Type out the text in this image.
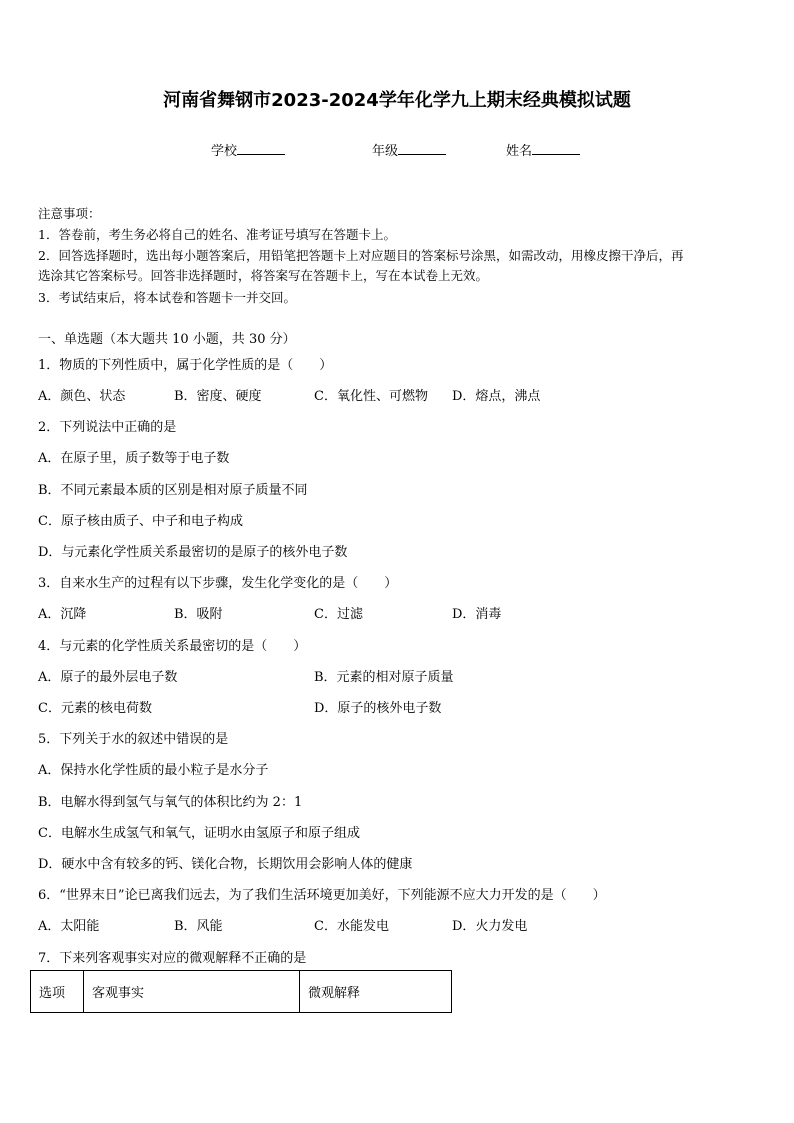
河南省舞钢市2023-2024学年化学九上期末经典模拟试题
学校	年级	姓名
注意事项：
1．答卷前，考生务必将自己的姓名、准考证号填写在答题卡上。
2．回答选择题时，选出每小题答案后，用铅笔把答题卡上对应题目的答案标号涂黑，如需改动，用橡皮擦干净后，再
选涂其它答案标号。回答非选择题时，将答案写在答题卡上，写在本试卷上无效。
3．考试结束后，将本试卷和答题卡一并交回。
一、单选题（本大题共 10 小题，共 30 分）
1．物质的下列性质中，属于化学性质的是（　　）
A．颜色、状态	B．密度、硬度	C．氧化性、可燃物 D．熔点，沸点
2．下列说法中正确的是
A．在原子里，质子数等于电子数
B．不同元素最本质的区别是相对原子质量不同
C．原子核由质子、中子和电子构成
D．与元素化学性质关系最密切的是原子的核外电子数
3．自来水生产的过程有以下步骤，发生化学变化的是（　　）
A．沉降	B．吸附	C．过滤	D．消毒
4．与元素的化学性质关系最密切的是（　　）
A．原子的最外层电子数	B．元素的相对原子质量
C．元素的核电荷数	D．原子的核外电子数
5．下列关于水的叙述中错误的是
A．保持水化学性质的最小粒子是水分子
B．电解水得到氢气与氧气的体积比约为 2：1
C．电解水生成氢气和氧气，证明水由氢原子和原子组成
D．硬水中含有较多的钙、镁化合物，长期饮用会影响人体的健康
6．“世界末日”论已离我们远去，为了我们生活环境更加美好，下列能源不应大力开发的是（　　）
A．太阳能	B．风能	C．水能发电	D．火力发电
7．下来列客观事实对应的微观解释不正确的是
选项	客观事实	微观解释
